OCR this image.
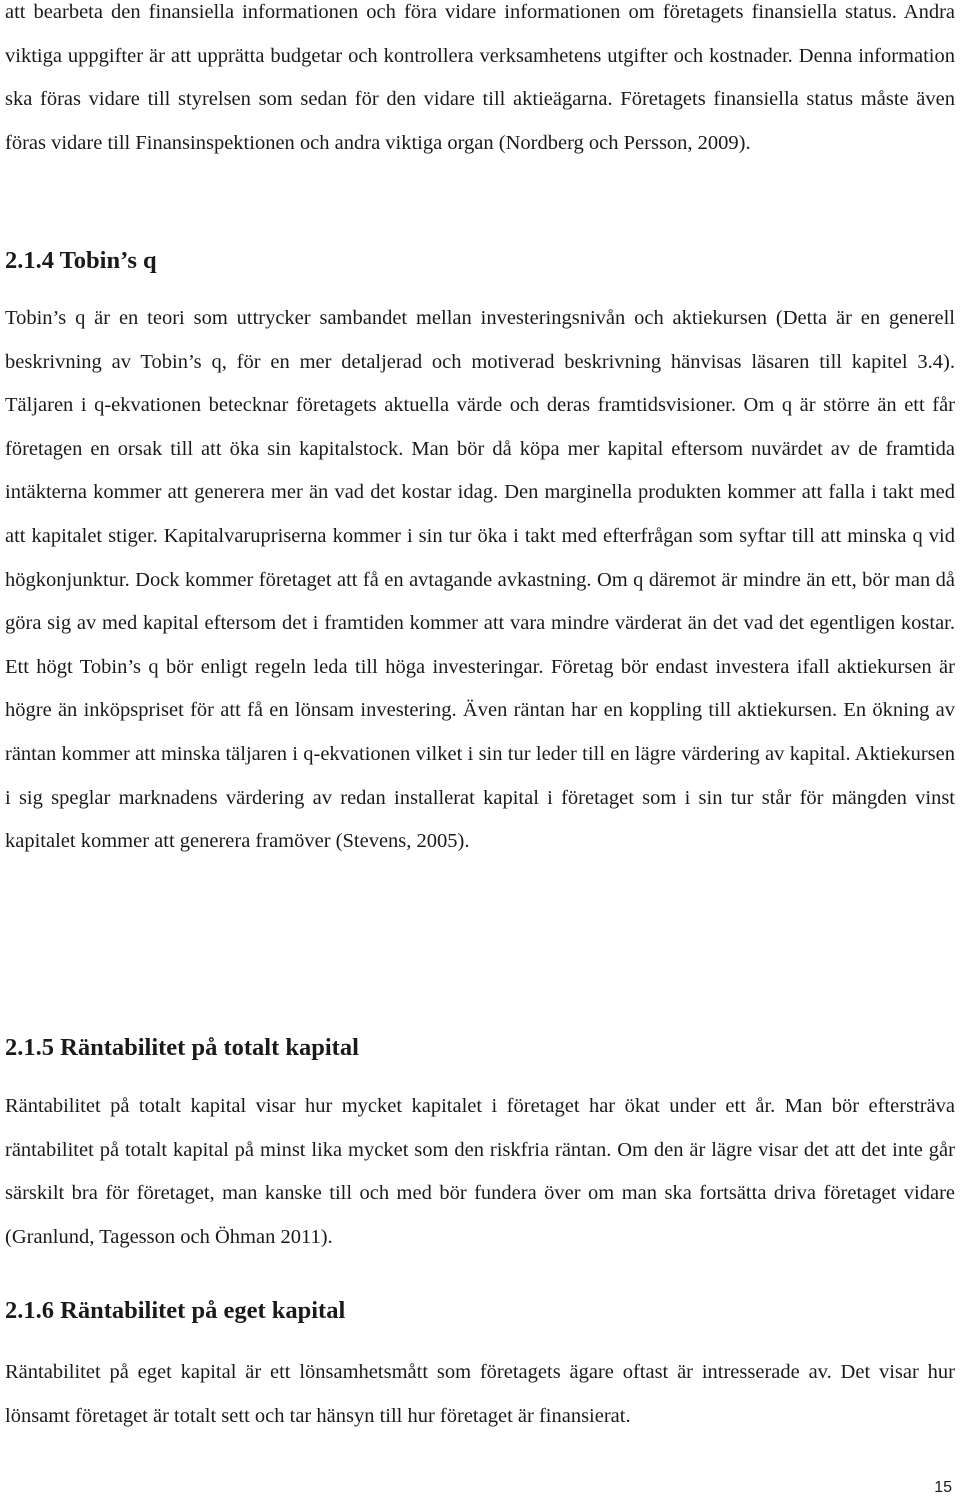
att bearbeta den finansiella informationen och föra vidare informationen om företagets finansiella status. Andra viktiga uppgifter är att upprätta budgetar och kontrollera verksamhetens utgifter och kostnader. Denna information ska föras vidare till styrelsen som sedan för den vidare till aktieägarna. Företagets finansiella status måste även föras vidare till Finansinspektionen och andra viktiga organ (Nordberg och Persson, 2009).

2.1.4 Tobin’s q

Tobin’s q är en teori som uttrycker sambandet mellan investeringsnivån och aktiekursen (Detta är en generell beskrivning av Tobin’s q, för en mer detaljerad och motiverad beskrivning hänvisas läsaren till kapitel 3.4). Täljaren i q-ekvationen betecknar företagets aktuella värde och deras framtidsvisioner. Om q är större än ett får företagen en orsak till att öka sin kapitalstock. Man bör då köpa mer kapital eftersom nuvärdet av de framtida intäkterna kommer att generera mer än vad det kostar idag. Den marginella produkten kommer att falla i takt med att kapitalet stiger. Kapitalvarupriserna kommer i sin tur öka i takt med efterfrågan som syftar till att minska q vid högkonjunktur. Dock kommer företaget att få en avtagande avkastning. Om q däremot är mindre än ett, bör man då göra sig av med kapital eftersom det i framtiden kommer att vara mindre värderat än det vad det egentligen kostar. Ett högt Tobin’s q bör enligt regeln leda till höga investeringar. Företag bör endast investera ifall aktiekursen är högre än inköpspriset för att få en lönsam investering. Även räntan har en koppling till aktiekursen. En ökning av räntan kommer att minska täljaren i q-ekvationen vilket i sin tur leder till en lägre värdering av kapital. Aktiekursen i sig speglar marknadens värdering av redan installerat kapital i företaget som i sin tur står för mängden vinst kapitalet kommer att generera framöver (Stevens, 2005).

2.1.5 Räntabilitet på totalt kapital

Räntabilitet på totalt kapital visar hur mycket kapitalet i företaget har ökat under ett år. Man bör eftersträva räntabilitet på totalt kapital på minst lika mycket som den riskfria räntan. Om den är lägre visar det att det inte går särskilt bra för företaget, man kanske till och med bör fundera över om man ska fortsätta driva företaget vidare (Granlund, Tagesson och Öhman 2011).

2.1.6 Räntabilitet på eget kapital

Räntabilitet på eget kapital är ett lönsamhetsmått som företagets ägare oftast är intresserade av. Det visar hur lönsamt företaget är totalt sett och tar hänsyn till hur företaget är finansierat.

15
